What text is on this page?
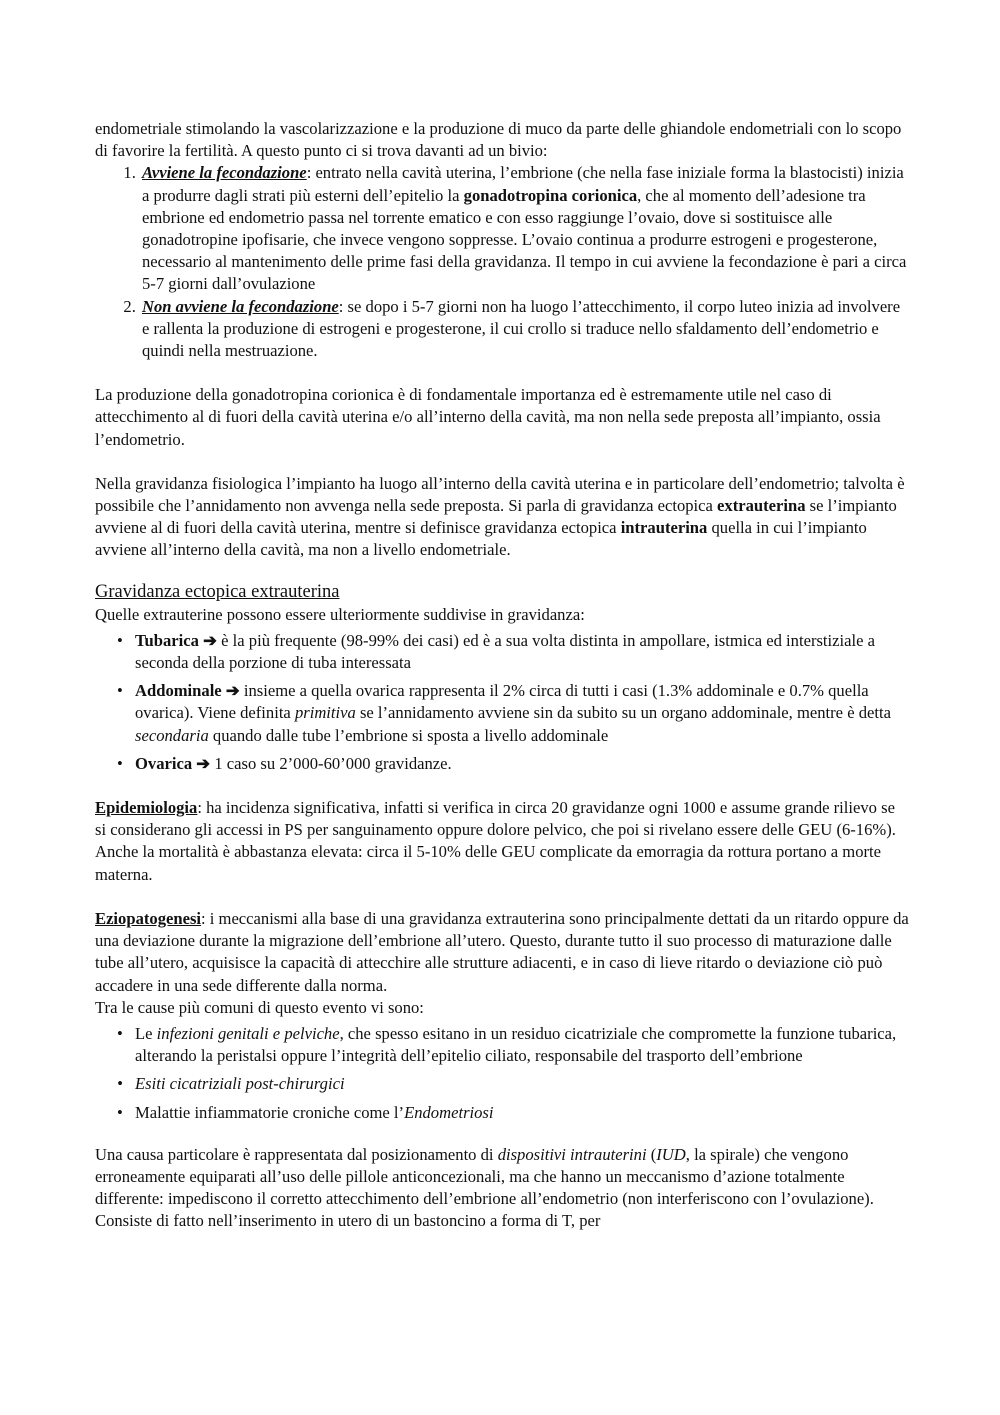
endometriale stimolando la vascolarizzazione e la produzione di muco da parte delle ghiandole endometriali con lo scopo di favorire la fertilità. A questo punto ci si trova davanti ad un bivio:

1. Avviene la fecondazione: entrato nella cavità uterina, l’embrione (che nella fase iniziale forma la blastocisti) inizia a produrre dagli strati più esterni dell’epitelio la gonadotropina corionica, che al momento dell’adesione tra embrione ed endometrio passa nel torrente ematico e con esso raggiunge l’ovaio, dove si sostituisce alle gonadotropine ipofisarie, che invece vengono soppresse. L’ovaio continua a produrre estrogeni e progesterone, necessario al mantenimento delle prime fasi della gravidanza. Il tempo in cui avviene la fecondazione è pari a circa 5-7 giorni dall’ovulazione
2. Non avviene la fecondazione: se dopo i 5-7 giorni non ha luogo l’attecchimento, il corpo luteo inizia ad involvere e rallenta la produzione di estrogeni e progesterone, il cui crollo si traduce nello sfaldamento dell’endometrio e quindi nella mestruazione.

La produzione della gonadotropina corionica è di fondamentale importanza ed è estremamente utile nel caso di attecchimento al di fuori della cavità uterina e/o all’interno della cavità, ma non nella sede preposta all’impianto, ossia l’endometrio.

Nella gravidanza fisiologica l’impianto ha luogo all’interno della cavità uterina e in particolare dell’endometrio; talvolta è possibile che l’annidamento non avvenga nella sede preposta. Si parla di gravidanza ectopica extrauterina se l’impianto avviene al di fuori della cavità uterina, mentre si definisce gravidanza ectopica intrauterina quella in cui l’impianto avviene all’interno della cavità, ma non a livello endometriale.

Gravidanza ectopica extrauterina

Quelle extrauterine possono essere ulteriormente suddivise in gravidanza:

• Tubarica ➔ è la più frequente (98-99% dei casi) ed è a sua volta distinta in ampollare, istmica ed interstiziale a seconda della porzione di tuba interessata
• Addominale ➔ insieme a quella ovarica rappresenta il 2% circa di tutti i casi (1.3% addominale e 0.7% quella ovarica). Viene definita primitiva se l’annidamento avviene sin da subito su un organo addominale, mentre è detta secondaria quando dalle tube l’embrione si sposta a livello addominale
• Ovarica ➔ 1 caso su 2’000-60’000 gravidanze.

Epidemiologia: ha incidenza significativa, infatti si verifica in circa 20 gravidanze ogni 1000 e assume grande rilievo se si considerano gli accessi in PS per sanguinamento oppure dolore pelvico, che poi si rivelano essere delle GEU (6-16%).

Anche la mortalità è abbastanza elevata: circa il 5-10% delle GEU complicate da emorragia da rottura portano a morte materna.

Eziopatogenesi: i meccanismi alla base di una gravidanza extrauterina sono principalmente dettati da un ritardo oppure da una deviazione durante la migrazione dell’embrione all’utero. Questo, durante tutto il suo processo di maturazione dalle tube all’utero, acquisisce la capacità di attecchire alle strutture adiacenti, e in caso di lieve ritardo o deviazione ciò può accadere in una sede differente dalla norma.

Tra le cause più comuni di questo evento vi sono:

• Le infezioni genitali e pelviche, che spesso esitano in un residuo cicatriziale che compromette la funzione tubarica, alterando la peristalsi oppure l’integrità dell’epitelio ciliato, responsabile del trasporto dell’embrione
• Esiti cicatriziali post-chirurgici
• Malattie infiammatorie croniche come l’Endometriosi

Una causa particolare è rappresentata dal posizionamento di dispositivi intrauterini (IUD, la spirale) che vengono erroneamente equiparati all’uso delle pillole anticoncezionali, ma che hanno un meccanismo d’azione totalmente differente: impediscono il corretto attecchimento dell’embrione all’endometrio (non interferiscono con l’ovulazione). Consiste di fatto nell’inserimento in utero di un bastoncino a forma di T, per
